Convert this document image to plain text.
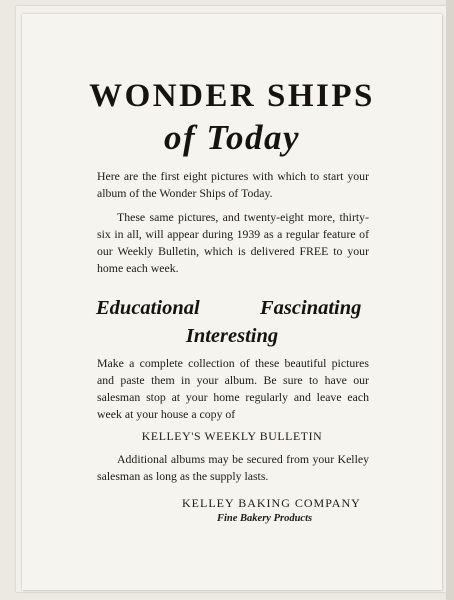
WONDER SHIPS
of Today

Here are the first eight pictures with which to start your album of the Wonder Ships of Today.

These same pictures, and twenty-eight more, thirty-six in all, will appear during 1939 as a regular feature of our Weekly Bulletin, which is delivered FREE to your home each week.

Educational	Fascinating

Interesting

Make a complete collection of these beautiful pictures and paste them in your album. Be sure to have our salesman stop at your home regularly and leave each week at your house a copy of

KELLEY'S WEEKLY BULLETIN

Additional albums may be secured from your Kelley salesman as long as the supply lasts.

KELLEY BAKING COMPANY

Fine Bakery Products
